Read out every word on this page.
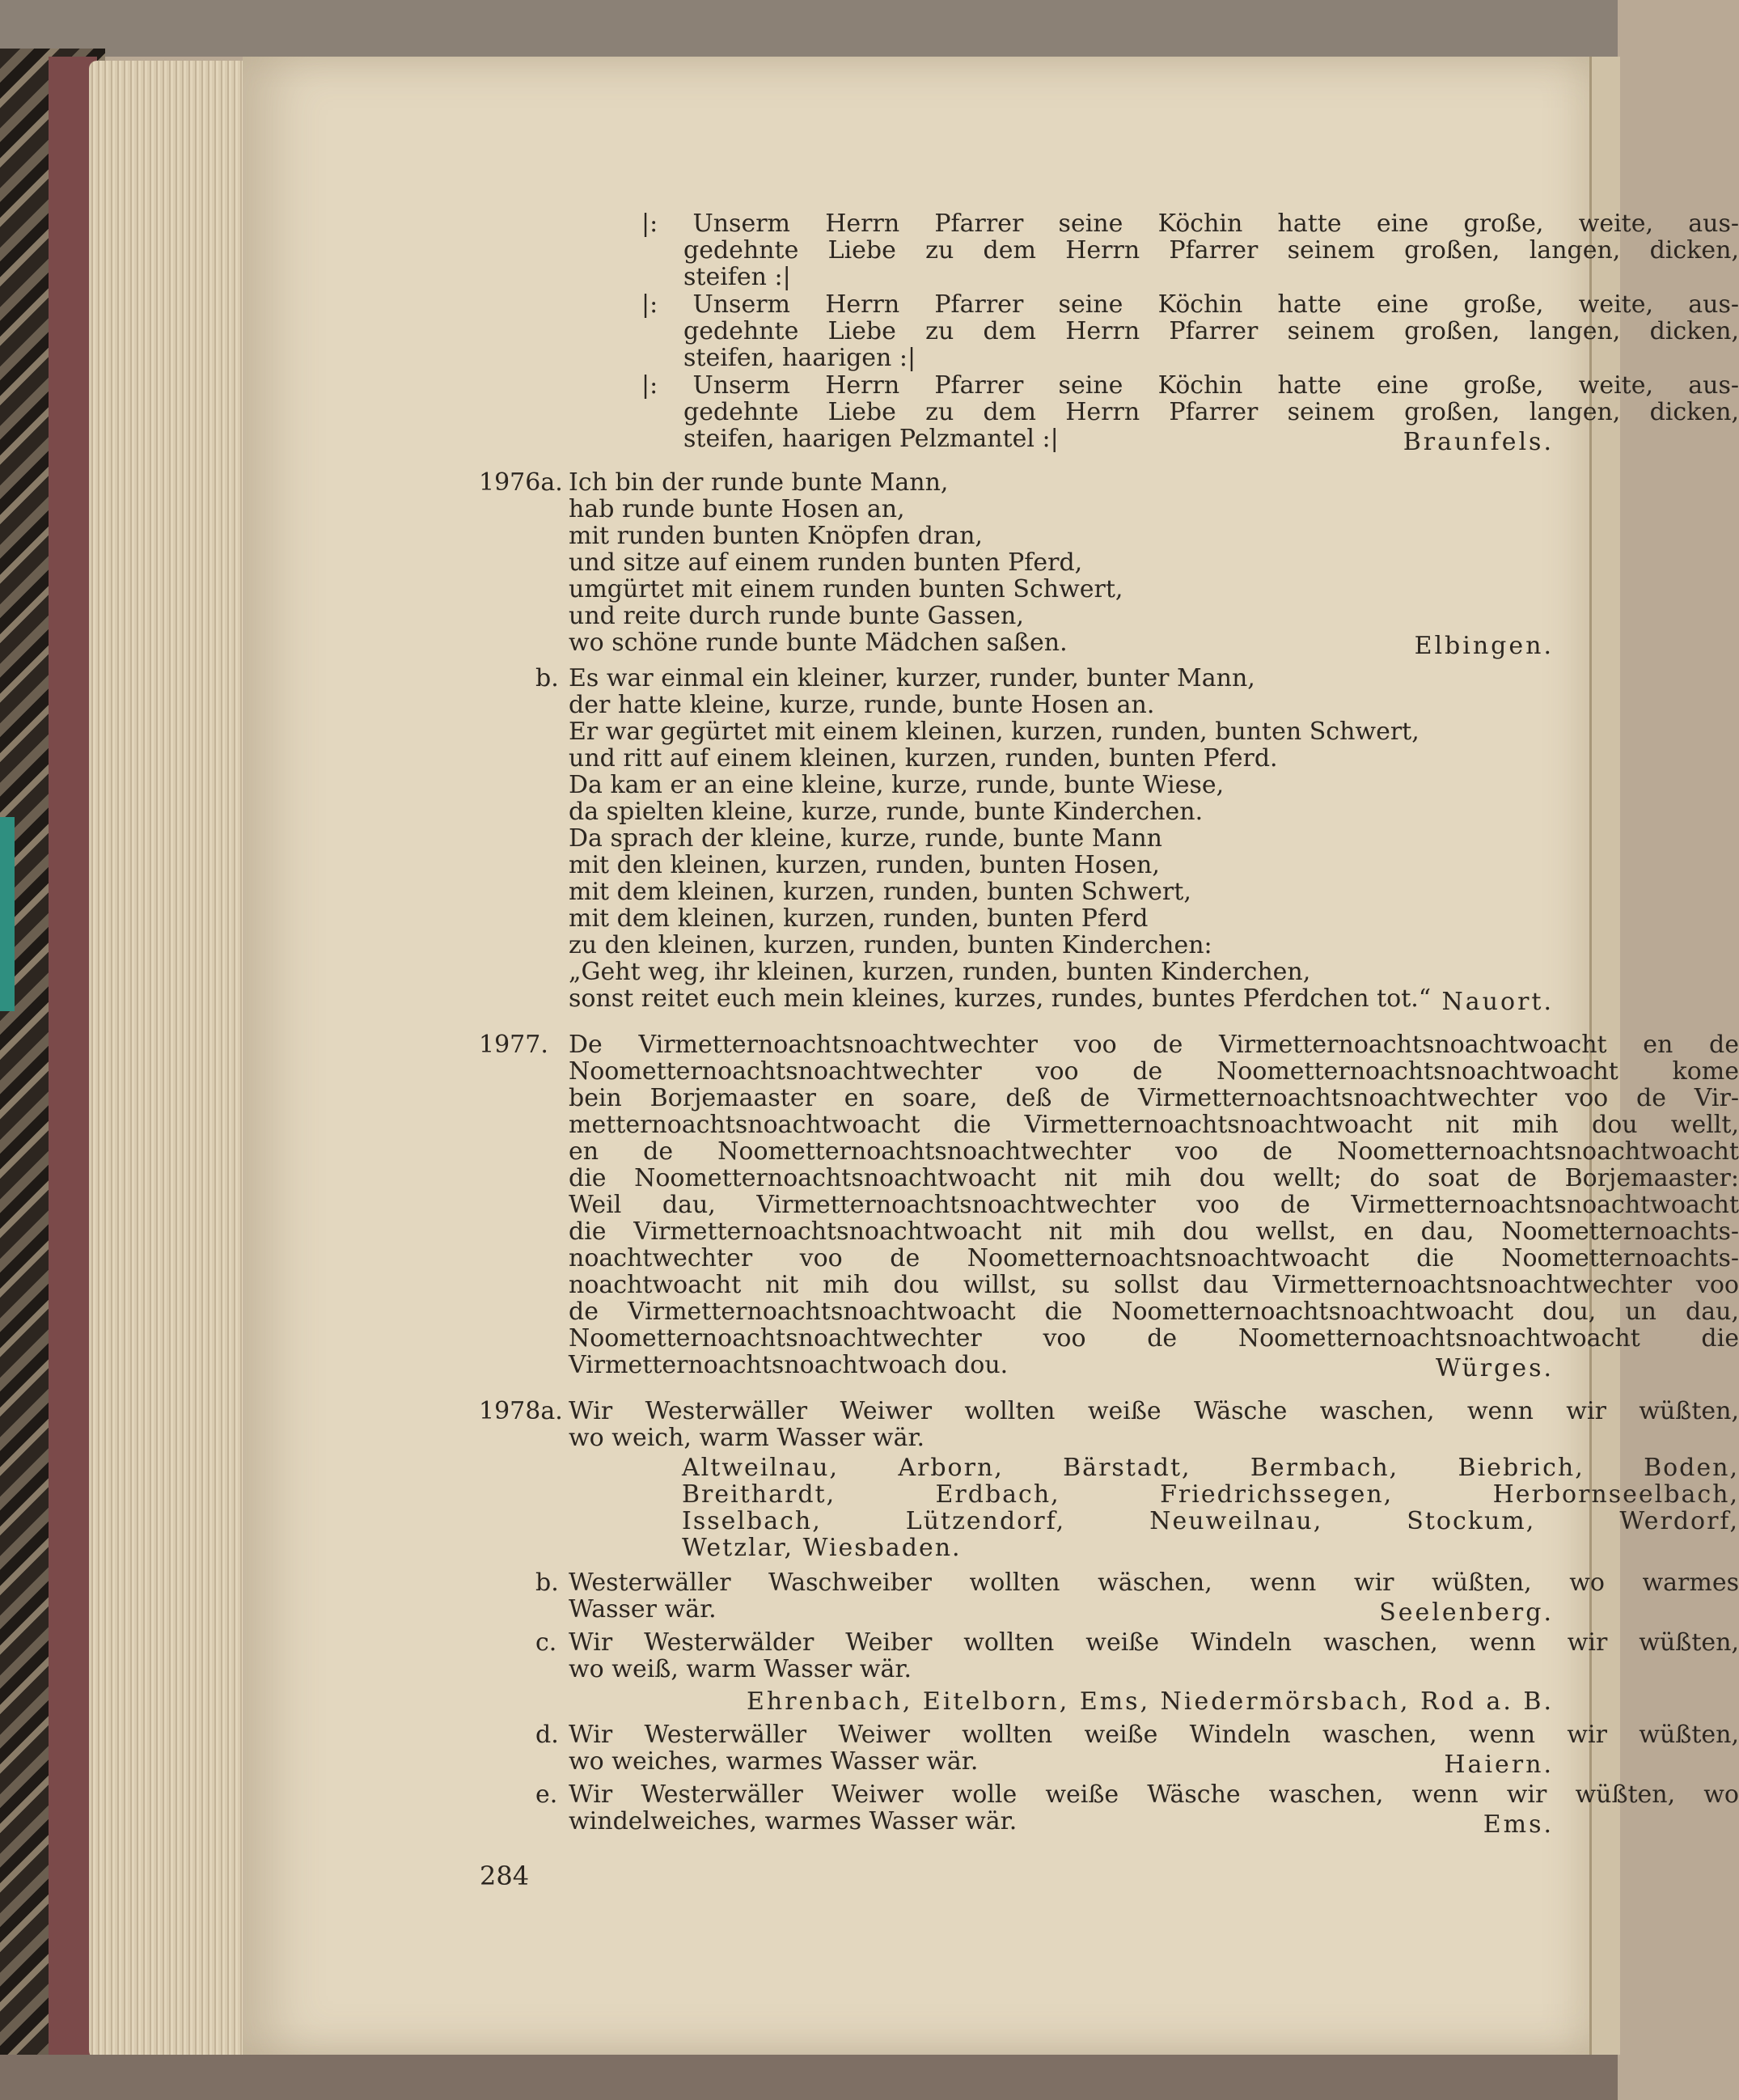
|: Unserm Herrn Pfarrer seine Köchin hatte eine große, weite, aus-
gedehnte Liebe zu dem Herrn Pfarrer seinem großen, langen, dicken,
steifen :|
|: Unserm Herrn Pfarrer seine Köchin hatte eine große, weite, aus-
gedehnte Liebe zu dem Herrn Pfarrer seinem großen, langen, dicken,
steifen, haarigen :|
|: Unserm Herrn Pfarrer seine Köchin hatte eine große, weite, aus-
gedehnte Liebe zu dem Herrn Pfarrer seinem großen, langen, dicken,
steifen, haarigen Pelzmantel :|	Braunfels.
1976a. Ich bin der runde bunte Mann,
hab runde bunte Hosen an,
mit runden bunten Knöpfen dran,
und sitze auf einem runden bunten Pferd,
umgürtet mit einem runden bunten Schwert,
und reite durch runde bunte Gassen,
wo schöne runde bunte Mädchen saßen.	Elbingen.
b. Es war einmal ein kleiner, kurzer, runder, bunter Mann,
der hatte kleine, kurze, runde, bunte Hosen an.
Er war gegürtet mit einem kleinen, kurzen, runden, bunten Schwert,
und ritt auf einem kleinen, kurzen, runden, bunten Pferd.
Da kam er an eine kleine, kurze, runde, bunte Wiese,
da spielten kleine, kurze, runde, bunte Kinderchen.
Da sprach der kleine, kurze, runde, bunte Mann
mit den kleinen, kurzen, runden, bunten Hosen,
mit dem kleinen, kurzen, runden, bunten Schwert,
mit dem kleinen, kurzen, runden, bunten Pferd
zu den kleinen, kurzen, runden, bunten Kinderchen:
„Geht weg, ihr kleinen, kurzen, runden, bunten Kinderchen,
sonst reitet euch mein kleines, kurzes, rundes, buntes Pferdchen tot.“ Nauort.
1977. De Virmetternoachtsnoachtwechter voo de Virmetternoachtsnoachtwoacht en de
Noometternoachtsnoachtwechter voo de Noometternoachtsnoachtwoacht kome
bein Borjemaaster en soare, deß de Virmetternoachtsnoachtwechter voo de Vir-
metternoachtsnoachtwoacht die Virmetternoachtsnoachtwoacht nit mih dou wellt,
en de Noometternoachtsnoachtwechter voo de Noometternoachtsnoachtwoacht
die Noometternoachtsnoachtwoacht nit mih dou wellt; do soat de Borjemaaster:
Weil dau, Virmetternoachtsnoachtwechter voo de Virmetternoachtsnoachtwoacht
die Virmetternoachtsnoachtwoacht nit mih dou wellst, en dau, Noometternoachts-
noachtwechter voo de Noometternoachtsnoachtwoacht die Noometternoachts-
noachtwoacht nit mih dou willst, su sollst dau Virmetternoachtsnoachtwechter voo
de Virmetternoachtsnoachtwoacht die Noometternoachtsnoachtwoacht dou, un dau,
Noometternoachtsnoachtwechter voo de Noometternoachtsnoachtwoacht die
Virmetternoachtsnoachtwoach dou.	Würges.
1978a. Wir Westerwäller Weiwer wollten weiße Wäsche waschen, wenn wir wüßten,
wo weich, warm Wasser wär.
Altweilnau, Arborn, Bärstadt, Bermbach, Biebrich, Boden,
Breithardt, Erdbach, Friedrichssegen, Herbornseelbach,
Isselbach, Lützendorf, Neuweilnau, Stockum, Werdorf,
Wetzlar, Wiesbaden.
b. Westerwäller Waschweiber wollten wäschen, wenn wir wüßten, wo warmes
Wasser wär.	Seelenberg.
c. Wir Westerwälder Weiber wollten weiße Windeln waschen, wenn wir wüßten,
wo weiß, warm Wasser wär.
Ehrenbach, Eitelborn, Ems, Niedermörsbach, Rod a. B.
d. Wir Westerwäller Weiwer wollten weiße Windeln waschen, wenn wir wüßten,
wo weiches, warmes Wasser wär.	Haiern.
e. Wir Westerwäller Weiwer wolle weiße Wäsche waschen, wenn wir wüßten, wo
windelweiches, warmes Wasser wär.	Ems.
284
